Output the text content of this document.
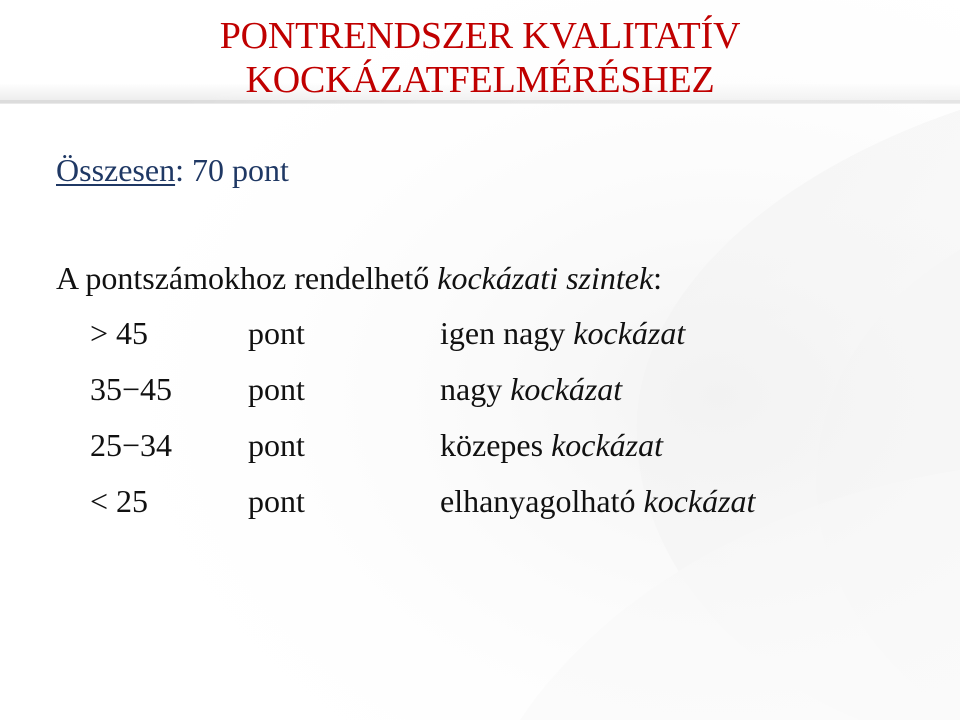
PONTRENDSZER KVALITATÍV
KOCKÁZATFELMÉRÉSHEZ
Összesen: 70 pont
A pontszámokhoz rendelhető kockázati szintek:
> 45	pont	igen nagy kockázat
35−45	pont	nagy kockázat
25−34	pont	közepes kockázat
< 25	pont	elhanyagolható kockázat
